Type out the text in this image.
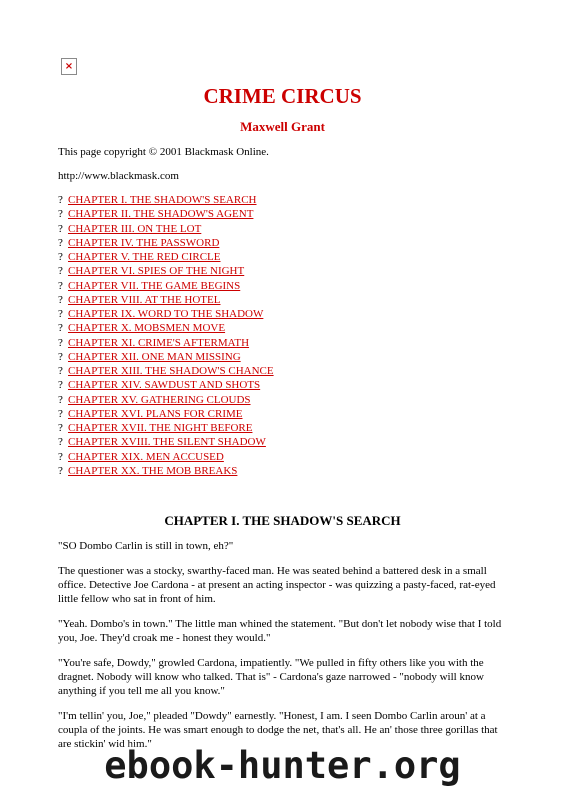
×
CRIME CIRCUS
Maxwell Grant

This page copyright © 2001 Blackmask Online.

http://www.blackmask.com

? CHAPTER I. THE SHADOW'S SEARCH
? CHAPTER II. THE SHADOW'S AGENT
? CHAPTER III. ON THE LOT
? CHAPTER IV. THE PASSWORD
? CHAPTER V. THE RED CIRCLE
? CHAPTER VI. SPIES OF THE NIGHT
? CHAPTER VII. THE GAME BEGINS
? CHAPTER VIII. AT THE HOTEL
? CHAPTER IX. WORD TO THE SHADOW
? CHAPTER X. MOBSMEN MOVE
? CHAPTER XI. CRIME'S AFTERMATH
? CHAPTER XII. ONE MAN MISSING
? CHAPTER XIII. THE SHADOW'S CHANCE
? CHAPTER XIV. SAWDUST AND SHOTS
? CHAPTER XV. GATHERING CLOUDS
? CHAPTER XVI. PLANS FOR CRIME
? CHAPTER XVII. THE NIGHT BEFORE
? CHAPTER XVIII. THE SILENT SHADOW
? CHAPTER XIX. MEN ACCUSED
? CHAPTER XX. THE MOB BREAKS
CHAPTER I. THE SHADOW'S SEARCH

"SO Dombo Carlin is still in town, eh?"

The questioner was a stocky, swarthy-faced man. He was seated behind a battered desk in a small office. Detective Joe Cardona - at present an acting inspector - was quizzing a pasty-faced, rat-eyed little fellow who sat in front of him.

"Yeah. Dombo's in town." The little man whined the statement. "But don't let nobody wise that I told you, Joe. They'd croak me - honest they would."

"You're safe, Dowdy," growled Cardona, impatiently. "We pulled in fifty others like you with the dragnet. Nobody will know who talked. That is" - Cardona's gaze narrowed - "nobody will know anything if you tell me all you know."

"I'm tellin' you, Joe," pleaded "Dowdy" earnestly. "Honest, I am. I seen Dombo Carlin aroun' at a coupla of the joints. He was smart enough to dodge the net, that's all. He an' those three gorillas that are stickin' wid him."

ebook-hunter.org
